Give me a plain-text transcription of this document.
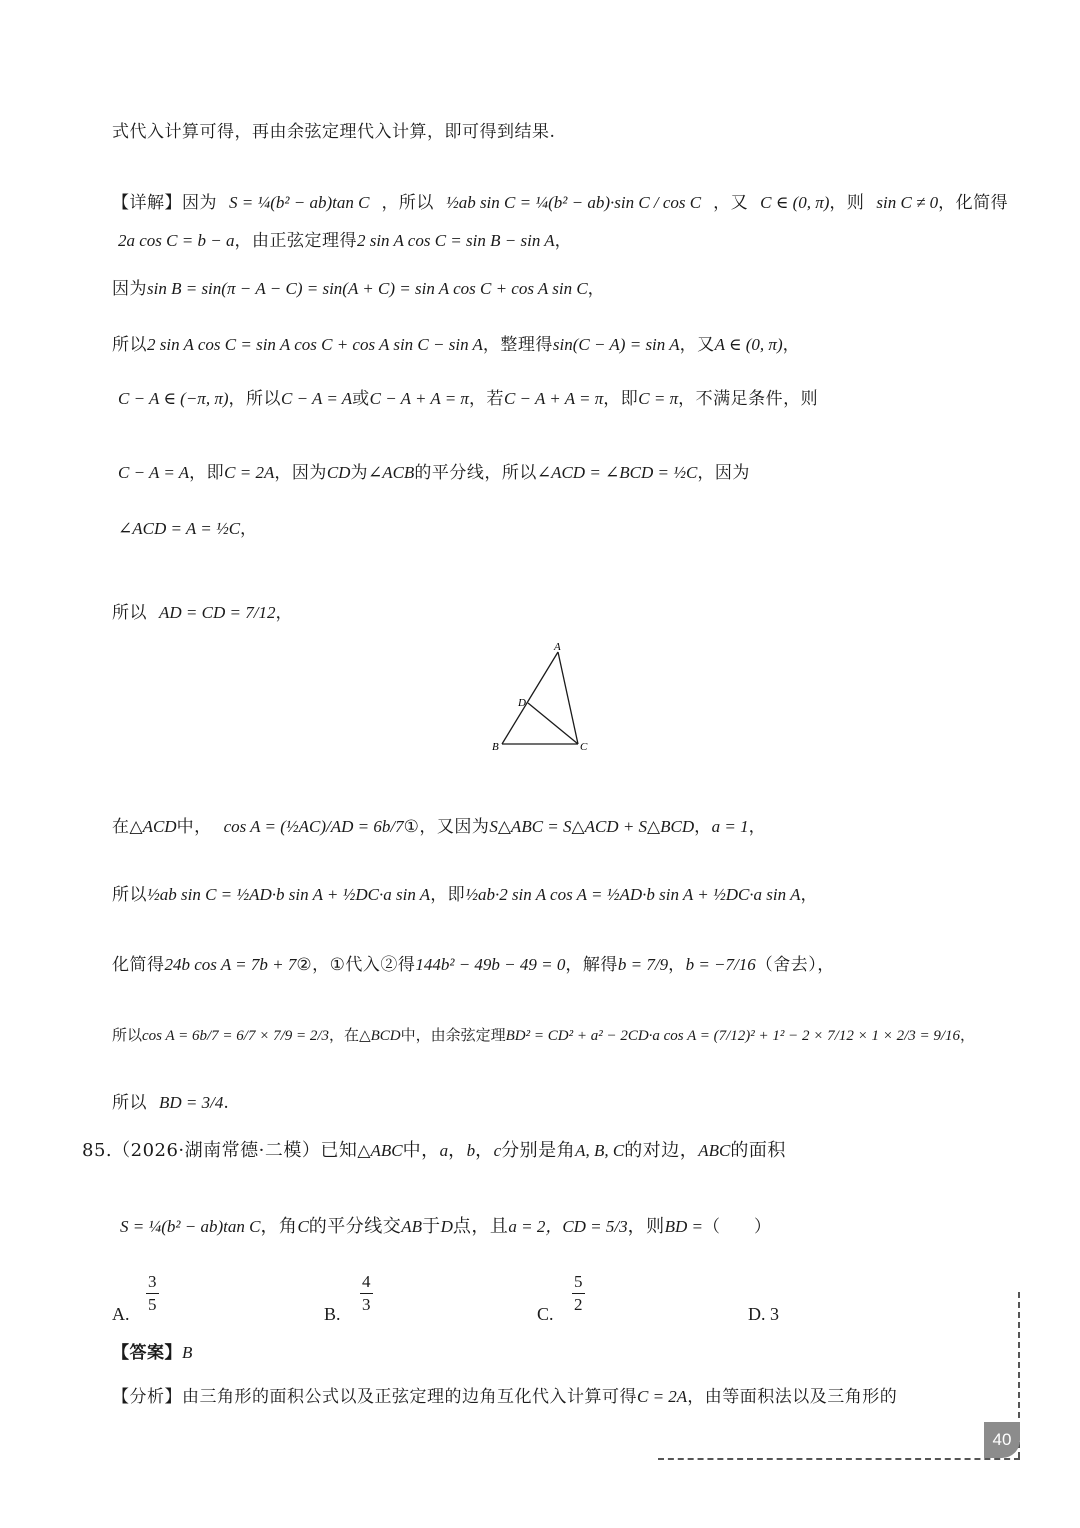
式代入计算可得，再由余弦定理代入计算，即可得到结果.
【详解】因为 S = ¼(b² − ab)tan C ，所以 ½ab sin C = ¼(b² − ab)·sin C / cos C ，又 C ∈ (0, π)，则 sin C ≠ 0，化简得
2a cos C = b − a，由正弦定理得2 sin A cos C = sin B − sin A，
因为sin B = sin(π − A − C) = sin(A + C) = sin A cos C + cos A sin C，
所以2 sin A cos C = sin A cos C + cos A sin C − sin A，整理得sin(C − A) = sin A，又A ∈ (0, π)，
C − A ∈ (−π, π)，所以C − A = A或C − A + A = π，若C − A + A = π，即C = π，不满足条件，则
C − A = A，即C = 2A，因为CD为∠ACB的平分线，所以∠ACD = ∠BCD = ½C，因为
∠ACD = A = ½C，
所以 AD = CD = 7/12，
A
B	C
D
在△ACD中， cos A = (½AC)/AD = 6b/7①，又因为S△ABC = S△ACD + S△BCD，a = 1，
所以½ab sin C = ½AD·b sin A + ½DC·a sin A，即½ab·2 sin A cos A = ½AD·b sin A + ½DC·a sin A，
化简得24b cos A = 7b + 7②，①代入②得144b² − 49b − 49 = 0，解得b = 7/9，b = −7/16（舍去），
所以cos A = 6b/7 = 6/7 × 7/9 = 2/3，在△BCD中，由余弦定理BD² = CD² + a² − 2CD·a cos A = (7/12)² + 1² − 2 × 7/12 × 1 × 2/3 = 9/16，
所以 BD = 3/4.
85.（2026·湖南常德·二模）已知△ABC中，a，b，c分别是角A, B, C的对边，ABC的面积
S = ¼(b² − ab)tan C，角C的平分线交AB于D点，且a = 2，CD = 5/3，则BD =（　　）
A. $\frac{3}{5}$	B. $\frac{4}{3}$	C. $\frac{5}{2}$	D. 3
【答案】B
【分析】由三角形的面积公式以及正弦定理的边角互化代入计算可得C = 2A，由等面积法以及三角形的
40
